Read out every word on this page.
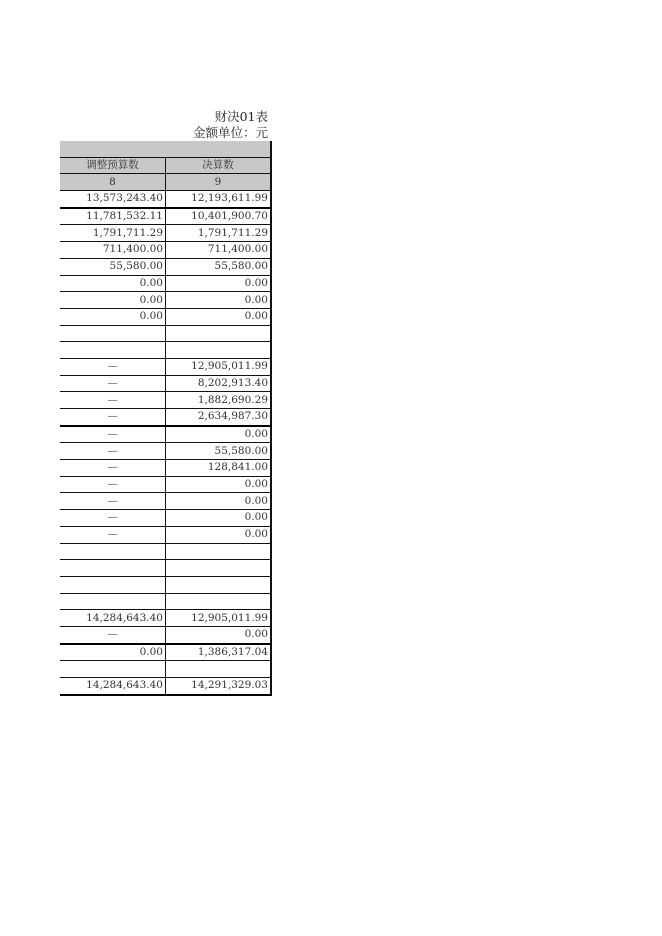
财决01表
金额单位：元

调整预算数	决算数
8	9
13,573,243.40	12,193,611.99
11,781,532.11	10,401,900.70
1,791,711.29	1,791,711.29
711,400.00	711,400.00
55,580.00	55,580.00
0.00	0.00
0.00	0.00
0.00	0.00

—	12,905,011.99
—	8,202,913.40
—	1,882,690.29
—	2,634,987.30
—	0.00
—	55,580.00
—	128,841.00
—	0.00
—	0.00
—	0.00
—	0.00

14,284,643.40	12,905,011.99
—	0.00
0.00	1,386,317.04

14,284,643.40	14,291,329.03
